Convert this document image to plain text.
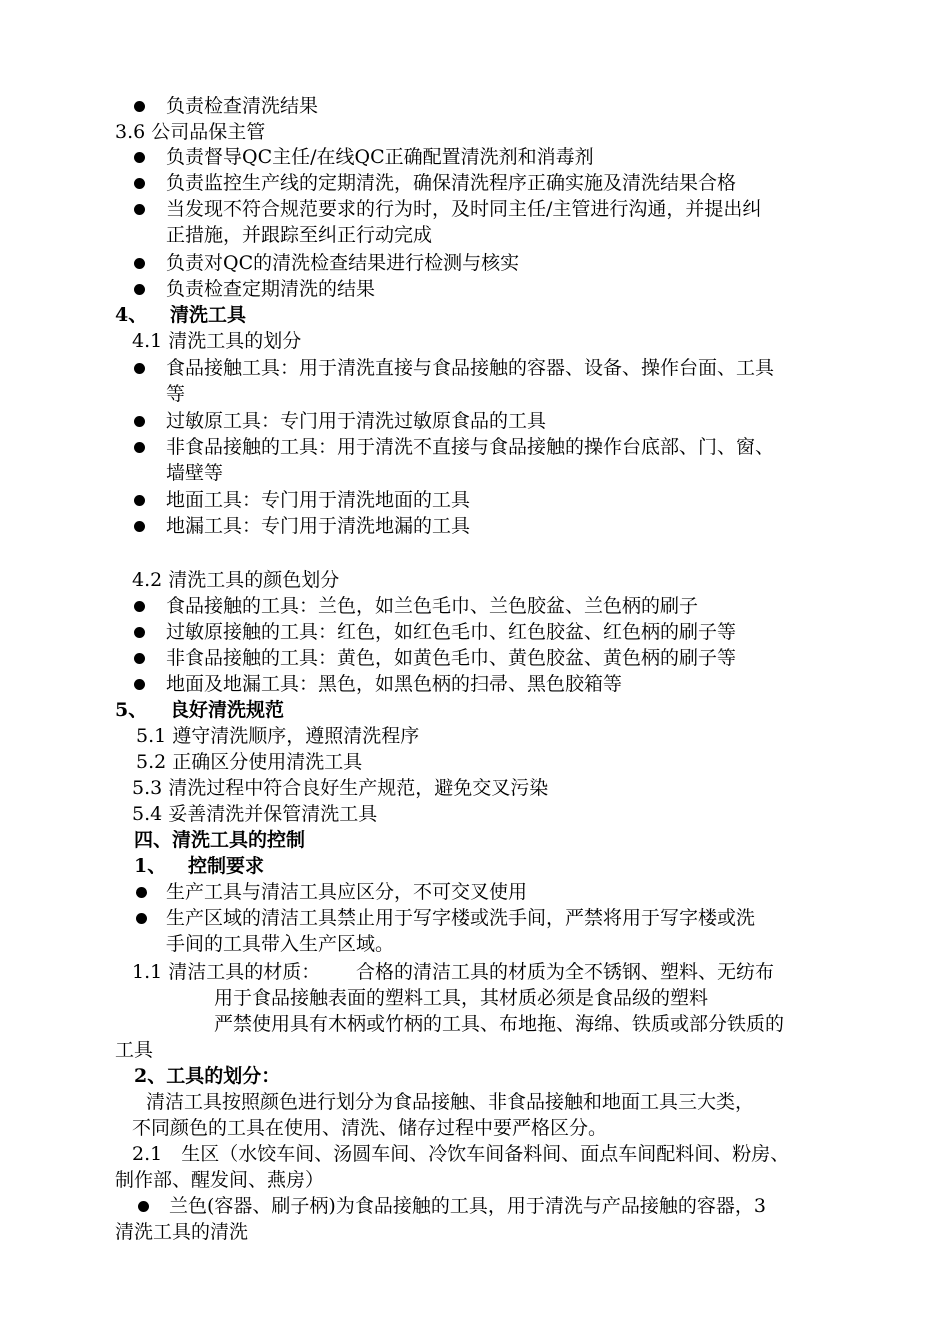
负责检查清洗结果
3.6 公司品保主管
负责督导QC主任/在线QC正确配置清洗剂和消毒剂
负责监控生产线的定期清洗，确保清洗程序正确实施及清洗结果合格
当发现不符合规范要求的行为时，及时同主任/主管进行沟通，并提出纠
正措施，并跟踪至纠正行动完成
负责对QC的清洗检查结果进行检测与核实
负责检查定期清洗的结果
4、 清洗工具
4.1 清洗工具的划分
食品接触工具：用于清洗直接与食品接触的容器、设备、操作台面、工具
等
过敏原工具：专门用于清洗过敏原食品的工具
非食品接触的工具：用于清洗不直接与食品接触的操作台底部、门、窗、
墙壁等
地面工具：专门用于清洗地面的工具
地漏工具：专门用于清洗地漏的工具
4.2 清洗工具的颜色划分
食品接触的工具：兰色，如兰色毛巾、兰色胶盆、兰色柄的刷子
过敏原接触的工具：红色，如红色毛巾、红色胶盆、红色柄的刷子等
非食品接触的工具：黄色，如黄色毛巾、黄色胶盆、黄色柄的刷子等
地面及地漏工具：黑色，如黑色柄的扫帚、黑色胶箱等
5、 良好清洗规范
5.1 遵守清洗顺序，遵照清洗程序
5.2 正确区分使用清洗工具
5.3 清洗过程中符合良好生产规范，避免交叉污染
5.4 妥善清洗并保管清洗工具
四、清洗工具的控制
1、 控制要求
生产工具与清洁工具应区分，不可交叉使用
生产区域的清洁工具禁止用于写字楼或洗手间，严禁将用于写字楼或洗
手间的工具带入生产区域。
1.1 清洁工具的材质： 合格的清洁工具的材质为全不锈钢、塑料、无纺布
用于食品接触表面的塑料工具，其材质必须是食品级的塑料
严禁使用具有木柄或竹柄的工具、布地拖、海绵、铁质或部分铁质的
工具
2、工具的划分：
清洁工具按照颜色进行划分为食品接触、非食品接触和地面工具三大类，
不同颜色的工具在使用、清洗、储存过程中要严格区分。
2.1　生区（水饺车间、汤圆车间、冷饮车间备料间、面点车间配料间、粉房、
制作部、醒发间、燕房）
兰色(容器、刷子柄)为食品接触的工具，用于清洗与产品接触的容器，3
清洗工具的清洗
